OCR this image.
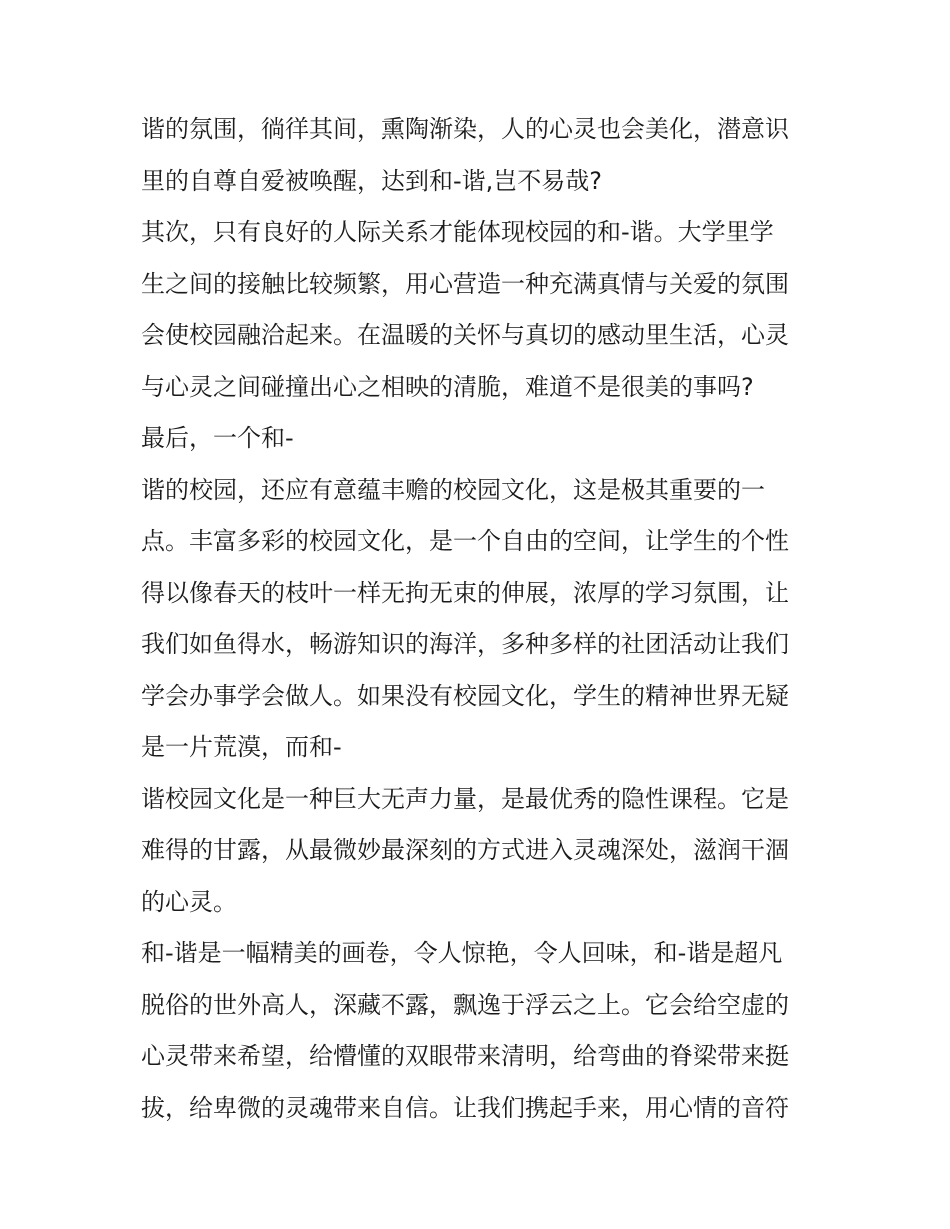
谐的氛围，徜徉其间，熏陶渐染，人的心灵也会美化，潜意识
里的自尊自爱被唤醒，达到和-谐,岂不易哉?
其次，只有良好的人际关系才能体现校园的和-谐。大学里学
生之间的接触比较频繁，用心营造一种充满真情与关爱的氛围
会使校园融洽起来。在温暖的关怀与真切的感动里生活，心灵
与心灵之间碰撞出心之相映的清脆，难道不是很美的事吗?
最后，一个和-
谐的校园，还应有意蕴丰赡的校园文化，这是极其重要的一
点。丰富多彩的校园文化，是一个自由的空间，让学生的个性
得以像春天的枝叶一样无拘无束的伸展，浓厚的学习氛围，让
我们如鱼得水，畅游知识的海洋，多种多样的社团活动让我们
学会办事学会做人。如果没有校园文化，学生的精神世界无疑
是一片荒漠，而和-
谐校园文化是一种巨大无声力量，是最优秀的隐性课程。它是
难得的甘露，从最微妙最深刻的方式进入灵魂深处，滋润干涸
的心灵。
和-谐是一幅精美的画卷，令人惊艳，令人回味，和-谐是超凡
脱俗的世外高人，深藏不露，飘逸于浮云之上。它会给空虚的
心灵带来希望，给懵懂的双眼带来清明，给弯曲的脊梁带来挺
拔，给卑微的灵魂带来自信。让我们携起手来，用心情的音符
